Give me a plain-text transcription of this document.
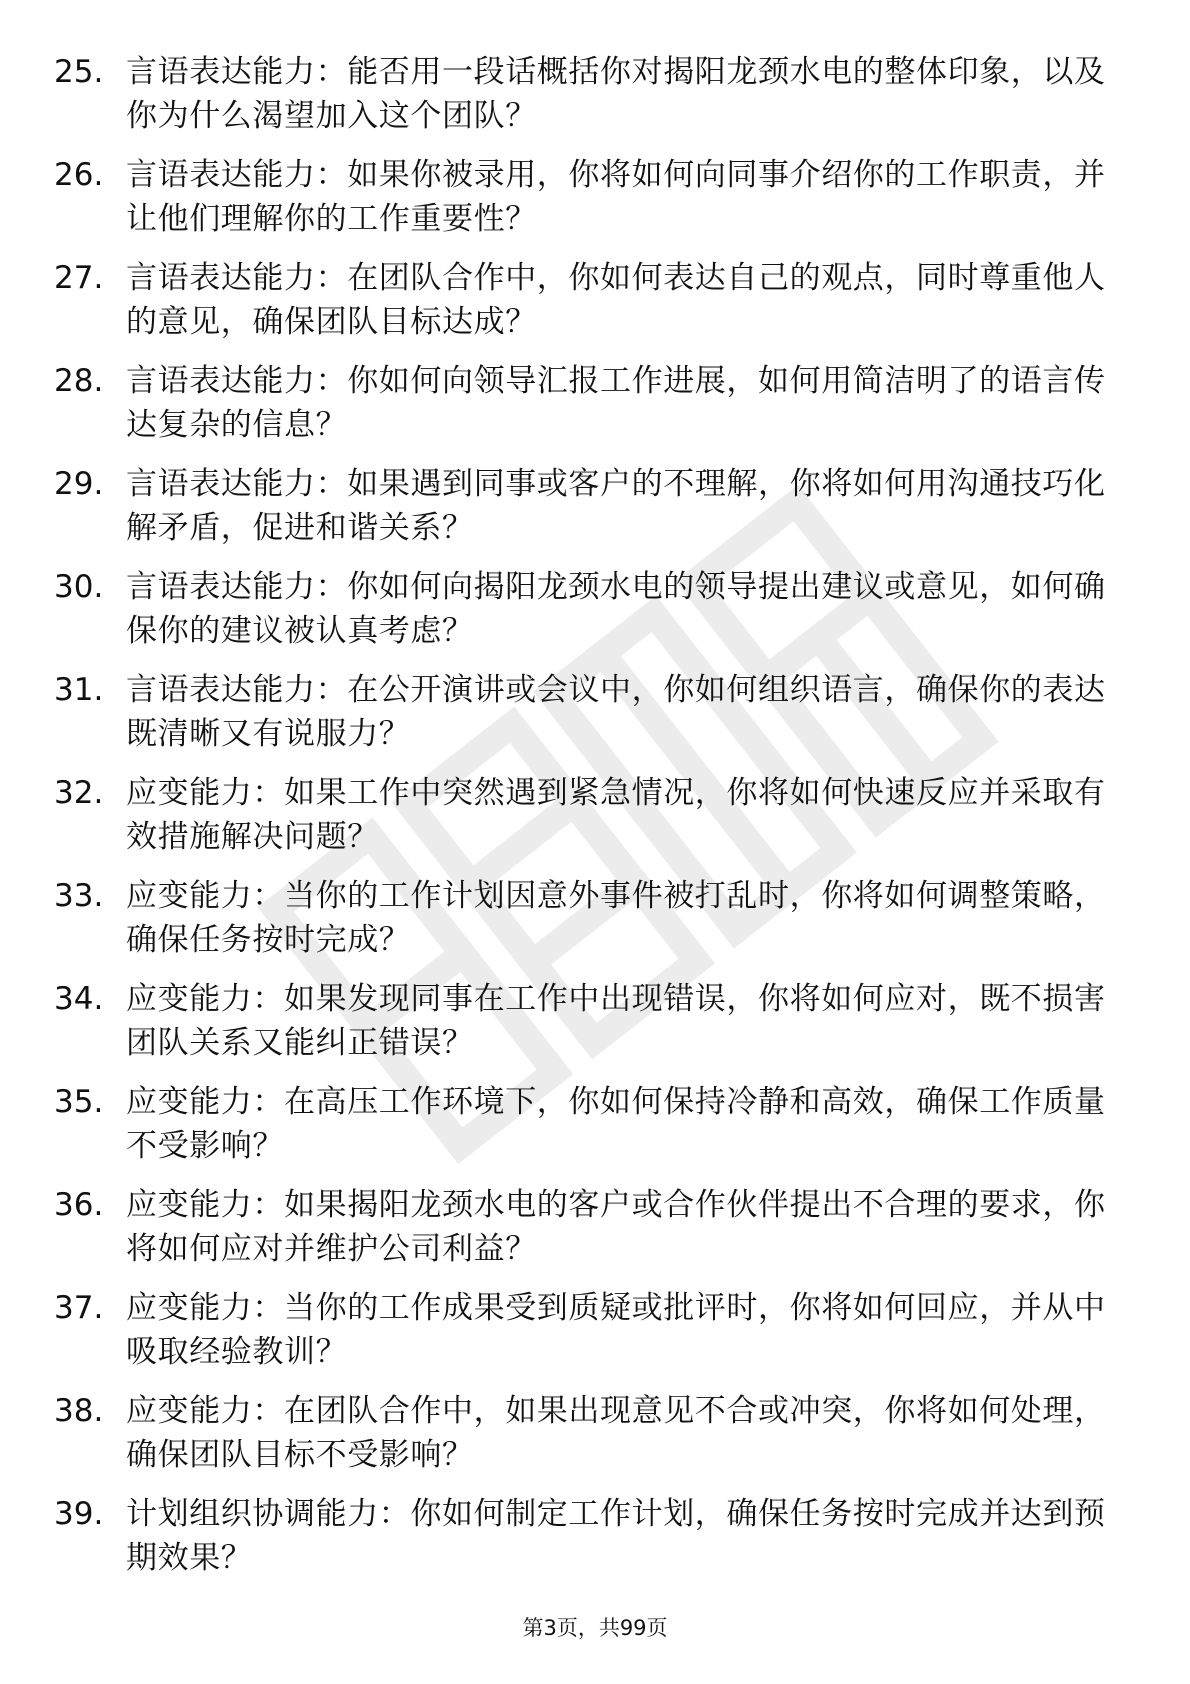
25. 言语表达能力：能否用一段话概括你对揭阳龙颈水电的整体印象，以及你为什么渴望加入这个团队？
26. 言语表达能力：如果你被录用，你将如何向同事介绍你的工作职责，并让他们理解你的工作重要性？
27. 言语表达能力：在团队合作中，你如何表达自己的观点，同时尊重他人的意见，确保团队目标达成？
28. 言语表达能力：你如何向领导汇报工作进展，如何用简洁明了的语言传达复杂的信息？
29. 言语表达能力：如果遇到同事或客户的不理解，你将如何用沟通技巧化解矛盾，促进和谐关系？
30. 言语表达能力：你如何向揭阳龙颈水电的领导提出建议或意见，如何确保你的建议被认真考虑？
31. 言语表达能力：在公开演讲或会议中，你如何组织语言，确保你的表达既清晰又有说服力？
32. 应变能力：如果工作中突然遇到紧急情况，你将如何快速反应并采取有效措施解决问题？
33. 应变能力：当你的工作计划因意外事件被打乱时，你将如何调整策略，确保任务按时完成？
34. 应变能力：如果发现同事在工作中出现错误，你将如何应对，既不损害团队关系又能纠正错误？
35. 应变能力：在高压工作环境下，你如何保持冷静和高效，确保工作质量不受影响？
36. 应变能力：如果揭阳龙颈水电的客户或合作伙伴提出不合理的要求，你将如何应对并维护公司利益？
37. 应变能力：当你的工作成果受到质疑或批评时，你将如何回应，并从中吸取经验教训？
38. 应变能力：在团队合作中，如果出现意见不合或冲突，你将如何处理，确保团队目标不受影响？
39. 计划组织协调能力：你如何制定工作计划，确保任务按时完成并达到预期效果？
第3页，共99页
